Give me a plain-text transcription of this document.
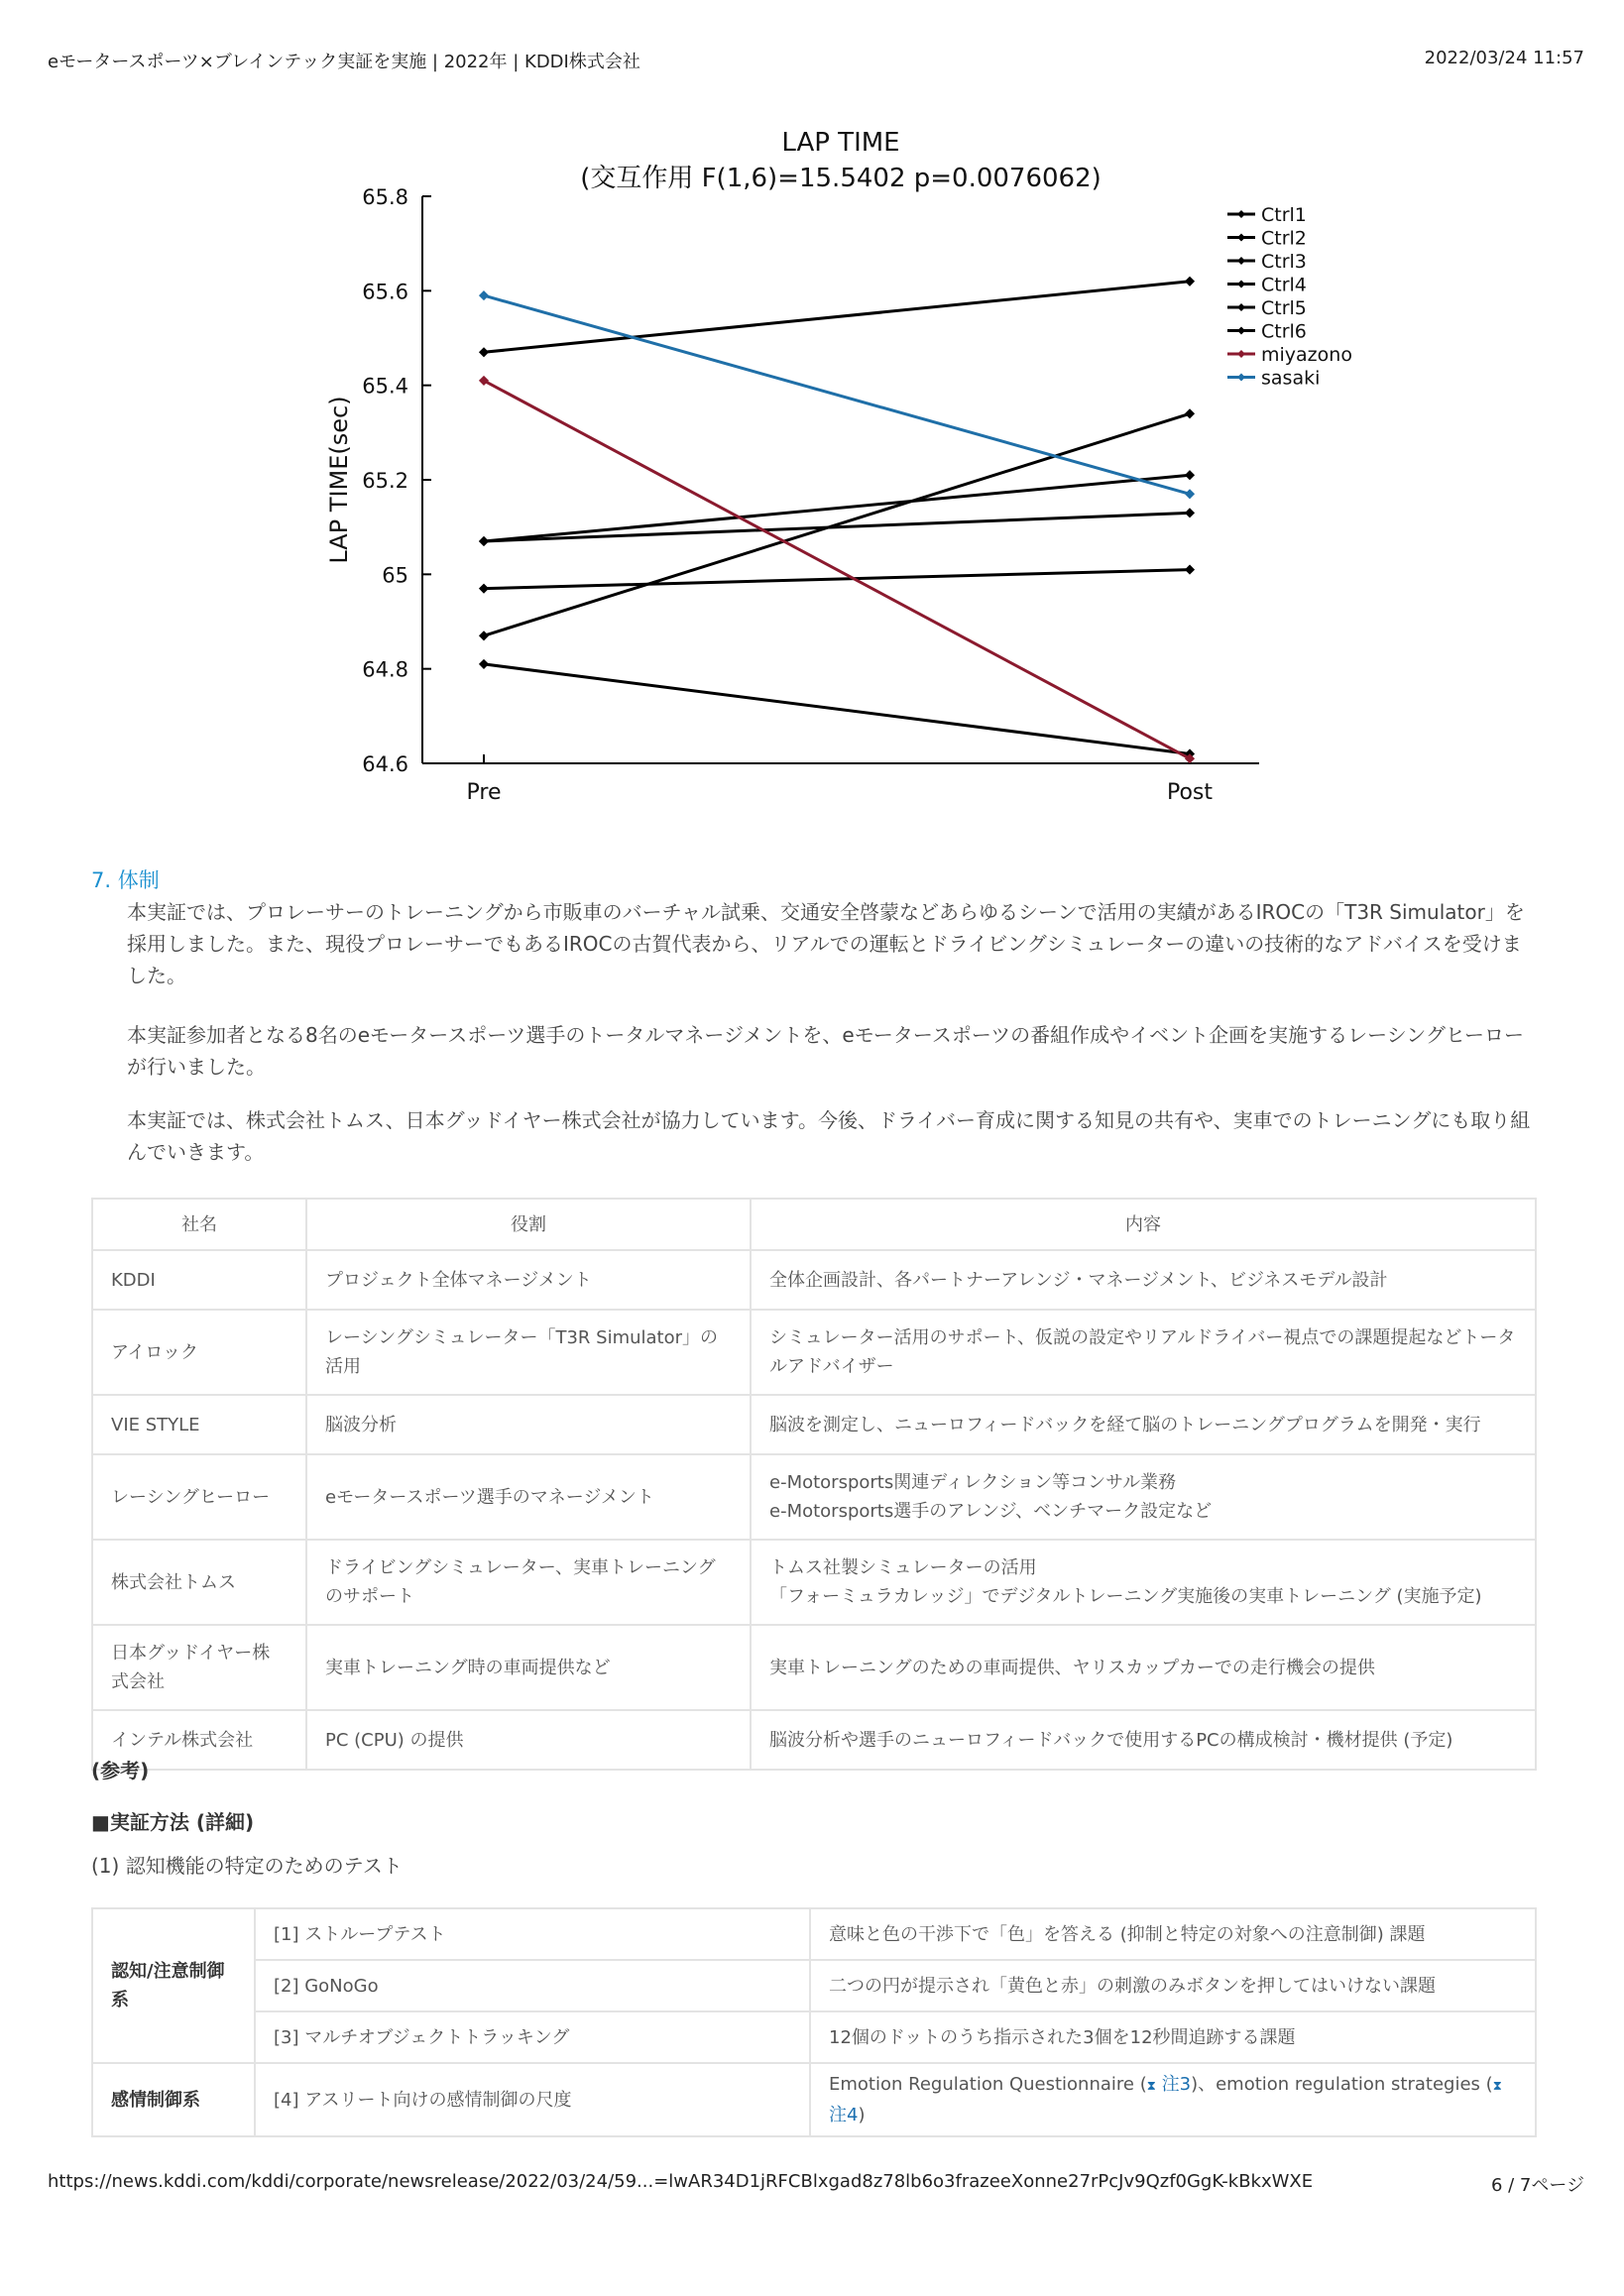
eモータースポーツ×ブレインテック実証を実施 | 2022年 | KDDI株式会社	2022/03/24 11:57
LAP TIME
(交互作用 F(1,6)=15.5402 p=0.0076062)
64.6
64.8
65
65.2
65.4
65.6
65.8
Pre	Post
LAP TIME(sec)
Ctrl1
Ctrl2
Ctrl3
Ctrl4
Ctrl5
Ctrl6
miyazono
sasaki
7. 体制

本実証では、プロレーサーのトレーニングから市販車のバーチャル試乗、交通安全啓蒙などあらゆるシーンで活用の実績があるIROCの「T3R Simulator」を採用しました。また、現役プロレーサーでもあるIROCの古賀代表から、リアルでの運転とドライビングシミュレーターの違いの技術的なアドバイスを受けました。

本実証参加者となる8名のeモータースポーツ選手のトータルマネージメントを、eモータースポーツの番組作成やイベント企画を実施するレーシングヒーローが行いました。

本実証では、株式会社トムス、日本グッドイヤー株式会社が協力しています。今後、ドライバー育成に関する知見の共有や、実車でのトレーニングにも取り組んでいきます。

社名	役割	内容
KDDI	プロジェクト全体マネージメント	全体企画設計、各パートナーアレンジ・マネージメント、ビジネスモデル設計
アイロック	レーシングシミュレーター「T3R Simulator」の活用	シミュレーター活用のサポート、仮説の設定やリアルドライバー視点での課題提起などトータルアドバイザー
VIE STYLE	脳波分析	脳波を測定し、ニューロフィードバックを経て脳のトレーニングプログラムを開発・実行
レーシングヒーロー	eモータースポーツ選手のマネージメント	e-Motorsports関連ディレクション等コンサル業務
e-Motorsports選手のアレンジ、ベンチマーク設定など
株式会社トムス	ドライビングシミュレーター、実車トレーニングのサポート	トムス社製シミュレーターの活用
「フォーミュラカレッジ」でデジタルトレーニング実施後の実車トレーニング (実施予定)
日本グッドイヤー株式会社	実車トレーニング時の車両提供など	実車トレーニングのための車両提供、ヤリスカップカーでの走行機会の提供
インテル株式会社	PC (CPU) の提供	脳波分析や選手のニューロフィードバックで使用するPCの構成検討・機材提供 (予定)
(参考)
■実証方法 (詳細)
(1) 認知機能の特定のためのテスト
認知/注意制御系	[1] ストループテスト	意味と色の干渉下で「色」を答える (抑制と特定の対象への注意制御) 課題
	[2] GoNoGo	二つの円が提示され「黄色と赤」の刺激のみボタンを押してはいけない課題
	[3] マルチオブジェクトトラッキング	12個のドットのうち指示された3個を12秒間追跡する課題
感情制御系	[4] アスリート向けの感情制御の尺度	Emotion Regulation Questionnaire (⧗ 注3)、emotion regulation strategies (⧗ 注4)
https://news.kddi.com/kddi/corporate/newsrelease/2022/03/24/59...=lwAR34D1jRFCBlxgad8z78lb6o3frazeeXonne27rPcJv9Qzf0GgK-kBkxWXE	6 / 7ページ
